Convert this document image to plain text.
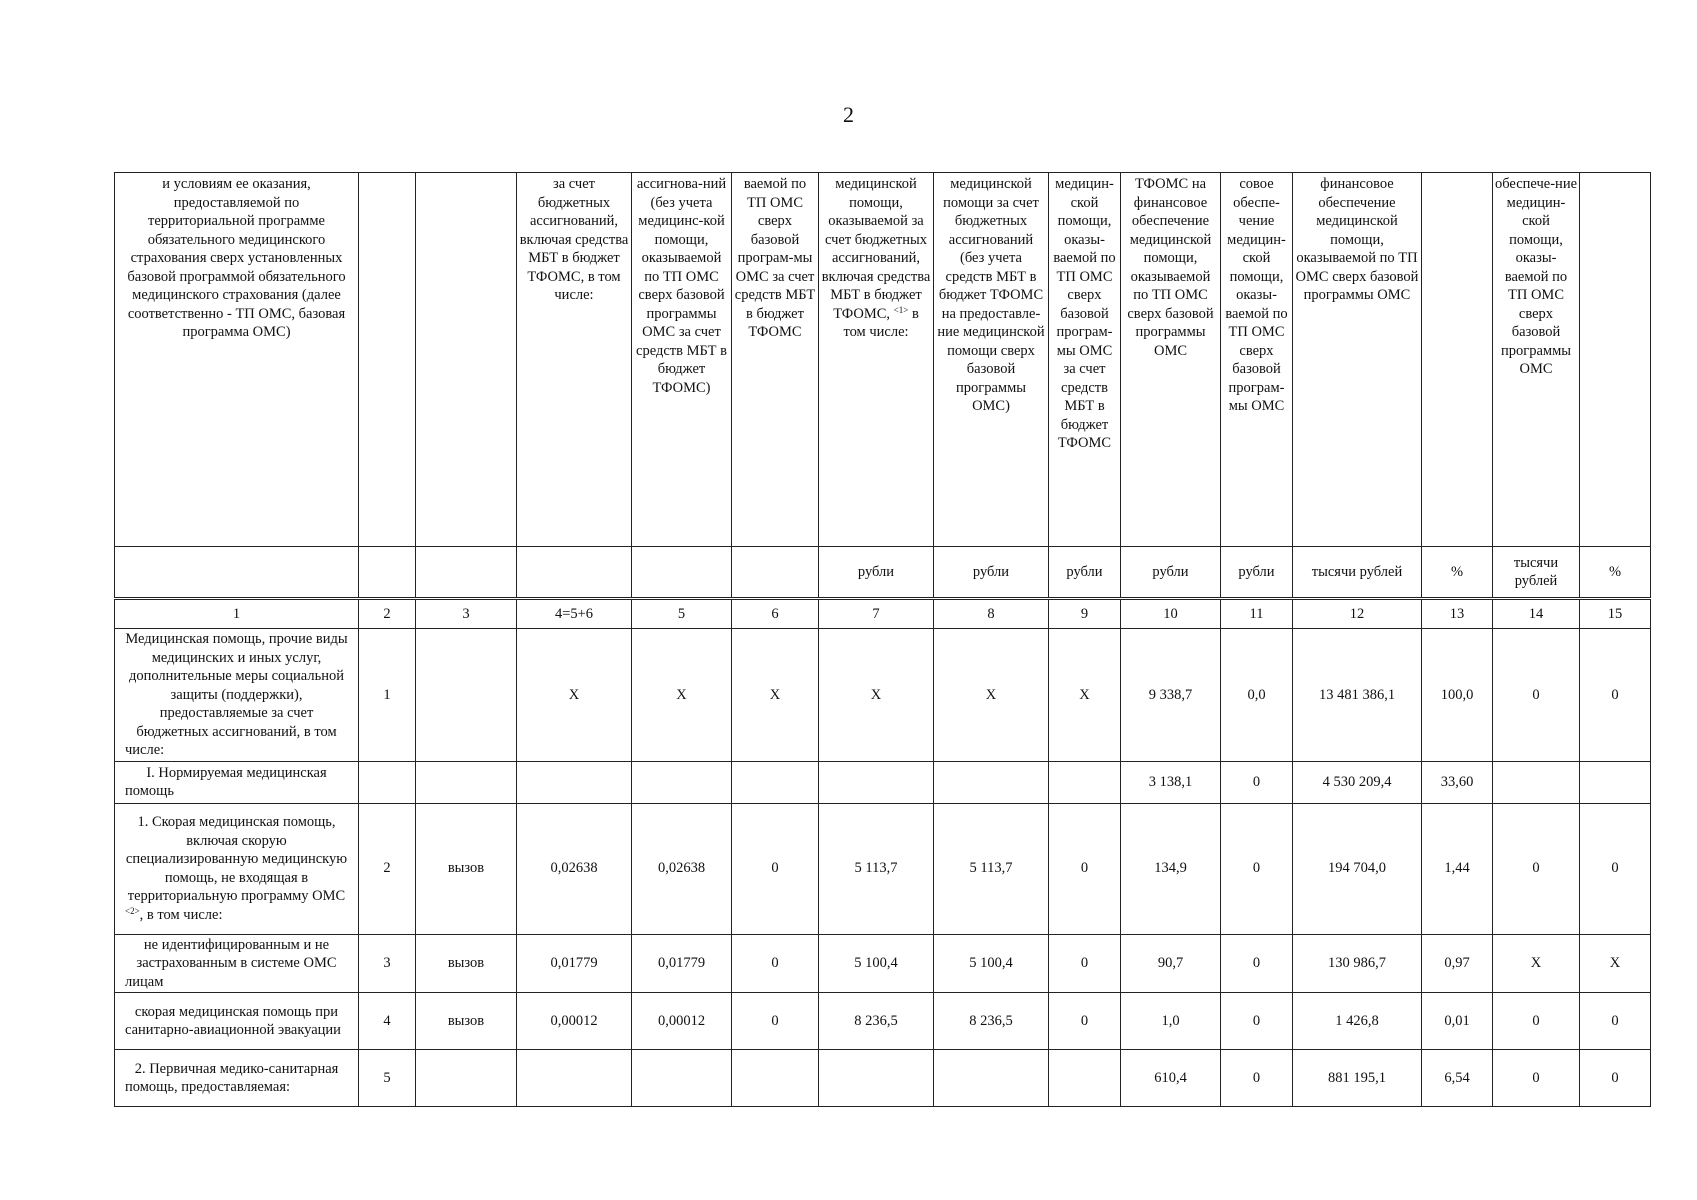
2
и условиям ее оказания, предоставляемой по территориальной программе обязательного медицинского страхования сверх установленных базовой программой обязательного медицинского страхования (далее соответственно - ТП ОМС, базовая программа ОМС)			за счет бюджетных ассигнований, включая средства МБТ в бюджет ТФОМС, в том числе:	ассигнова-ний (без учета медицинс-кой помощи, оказываемой по ТП ОМС сверх базовой программы ОМС за счет средств МБТ в бюджет ТФОМС)	ваемой по ТП ОМС сверх базовой програм-мы ОМС за счет средств МБТ в бюджет ТФОМС	медицинской помощи, оказываемой за счет бюджетных ассигнований, включая средства МБТ в бюджет ТФОМС, $^{<1>}$ в том числе:	медицинской помощи за счет бюджетных ассигнований (без учета средств МБТ в бюджет ТФОМС на предоставле-ние медицинской помощи сверх базовой программы ОМС)	медицин-ской помощи, оказы-ваемой по ТП ОМС сверх базовой програм-мы ОМС за счет средств МБТ в бюджет ТФОМС	ТФОМС на финансовое обеспечение медицинской помощи, оказываемой по ТП ОМС сверх базовой программы ОМС	совое обеспе-чение медицин-ской помощи, оказы-ваемой по ТП ОМС сверх базовой програм-мы ОМС	финансовое обеспечение медицинской помощи, оказываемой по ТП ОМС сверх базовой программы ОМС		обеспече-ние медицин-ской помощи, оказы-ваемой по ТП ОМС сверх базовой программы ОМС	
						рубли	рубли	рубли	рубли	рубли	тысячи рублей	%	тысячи рублей	%
1	2	3	4=5+6	5	6	7	8	9	10	11	12	13	14	15
Медицинская помощь, прочие виды медицинских и иных услуг, дополнительные меры социальной защиты (поддержки), предоставляемые за счет бюджетных ассигнований, в том числе:	1		X	X	X	X	X	X	9 338,7	0,0	13 481 386,1	100,0	0	0
I. Нормируемая медицинская помощь									3 138,1	0	4 530 209,4	33,60		
1. Скорая медицинская помощь, включая скорую специализированную медицинскую помощь, не входящая в территориальную программу ОМС $^{<2>}$, в том числе:	2	вызов	0,02638	0,02638	0	5 113,7	5 113,7	0	134,9	0	194 704,0	1,44	0	0
не идентифицированным и не застрахованным в системе ОМС лицам	3	вызов	0,01779	0,01779	0	5 100,4	5 100,4	0	90,7	0	130 986,7	0,97	X	X
скорая медицинская помощь при санитарно-авиационной эвакуации	4	вызов	0,00012	0,00012	0	8 236,5	8 236,5	0	1,0	0	1 426,8	0,01	0	0
2. Первичная медико-санитарная помощь, предоставляемая:	5								610,4	0	881 195,1	6,54	0	0
